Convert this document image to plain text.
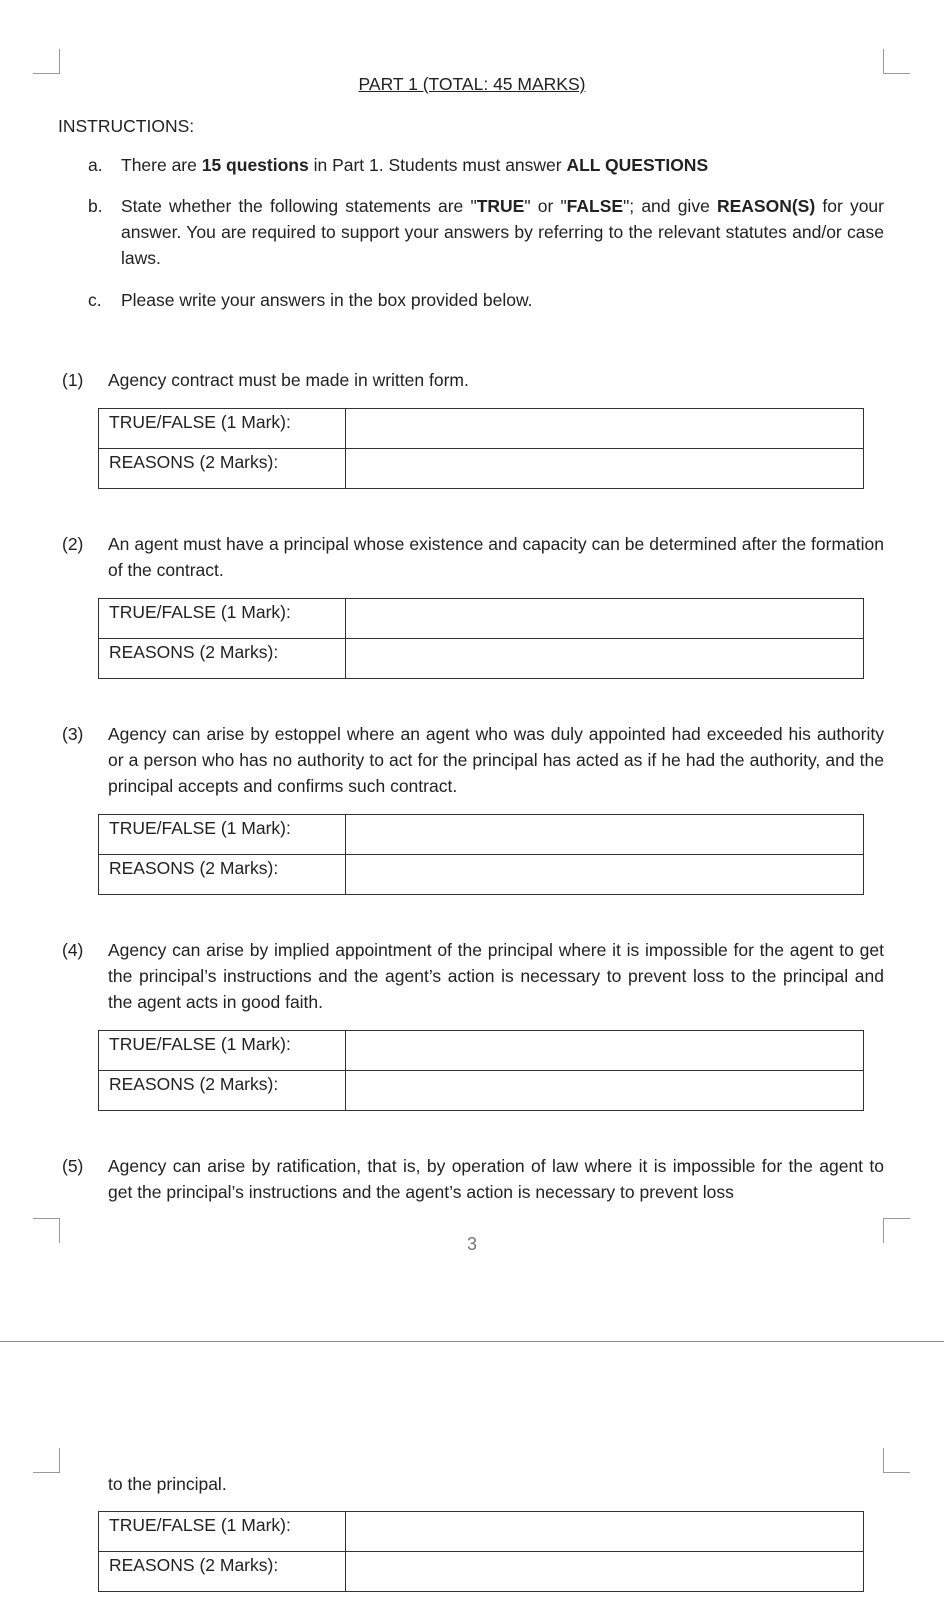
PART 1 (TOTAL: 45 MARKS)
INSTRUCTIONS:
a.	There are 15 questions in Part 1. Students must answer ALL QUESTIONS
b.	State whether the following statements are "TRUE" or "FALSE"; and give REASON(S) for your answer. You are required to support your answers by referring to the relevant statutes and/or case laws.
c.	Please write your answers in the box provided below.
(1) Agency contract must be made in written form.
TRUE/FALSE (1 Mark):	
REASONS (2 Marks):	
(2) An agent must have a principal whose existence and capacity can be determined after the formation of the contract.
TRUE/FALSE (1 Mark):	
REASONS (2 Marks):	
(3) Agency can arise by estoppel where an agent who was duly appointed had exceeded his authority or a person who has no authority to act for the principal has acted as if he had the authority, and the principal accepts and confirms such contract.
TRUE/FALSE (1 Mark):	
REASONS (2 Marks):	
(4) Agency can arise by implied appointment of the principal where it is impossible for the agent to get the principal’s instructions and the agent’s action is necessary to prevent loss to the principal and the agent acts in good faith.
TRUE/FALSE (1 Mark):	
REASONS (2 Marks):	
(5) Agency can arise by ratification, that is, by operation of law where it is impossible for the agent to get the principal’s instructions and the agent’s action is necessary to prevent loss
3
to the principal.
TRUE/FALSE (1 Mark):	
REASONS (2 Marks):	
